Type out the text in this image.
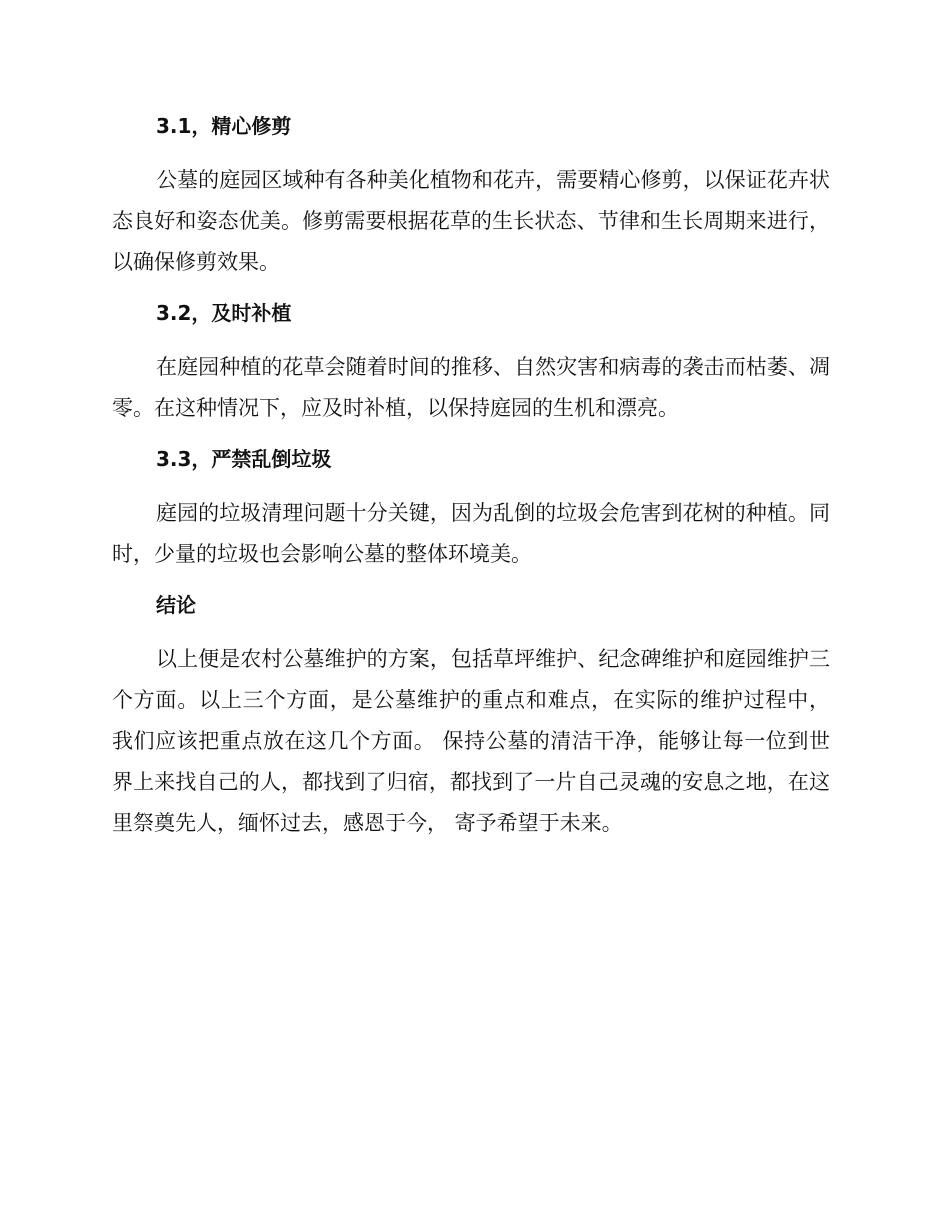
3.1，精心修剪

公墓的庭园区域种有各种美化植物和花卉，需要精心修剪，以保证花卉状态良好和姿态优美。修剪需要根据花草的生长状态、节律和生长周期来进行，以确保修剪效果。

3.2，及时补植

在庭园种植的花草会随着时间的推移、自然灾害和病毒的袭击而枯萎、凋零。在这种情况下，应及时补植，以保持庭园的生机和漂亮。

3.3，严禁乱倒垃圾

庭园的垃圾清理问题十分关键，因为乱倒的垃圾会危害到花树的种植。同时，少量的垃圾也会影响公墓的整体环境美。

结论

以上便是农村公墓维护的方案，包括草坪维护、纪念碑维护和庭园维护三个方面。以上三个方面，是公墓维护的重点和难点，在实际的维护过程中， 我们应该把重点放在这几个方面。 保持公墓的清洁干净，能够让每一位到世界上来找自己的人，都找到了归宿，都找到了一片自己灵魂的安息之地，在这里祭奠先人，缅怀过去，感恩于今， 寄予希望于未来。
